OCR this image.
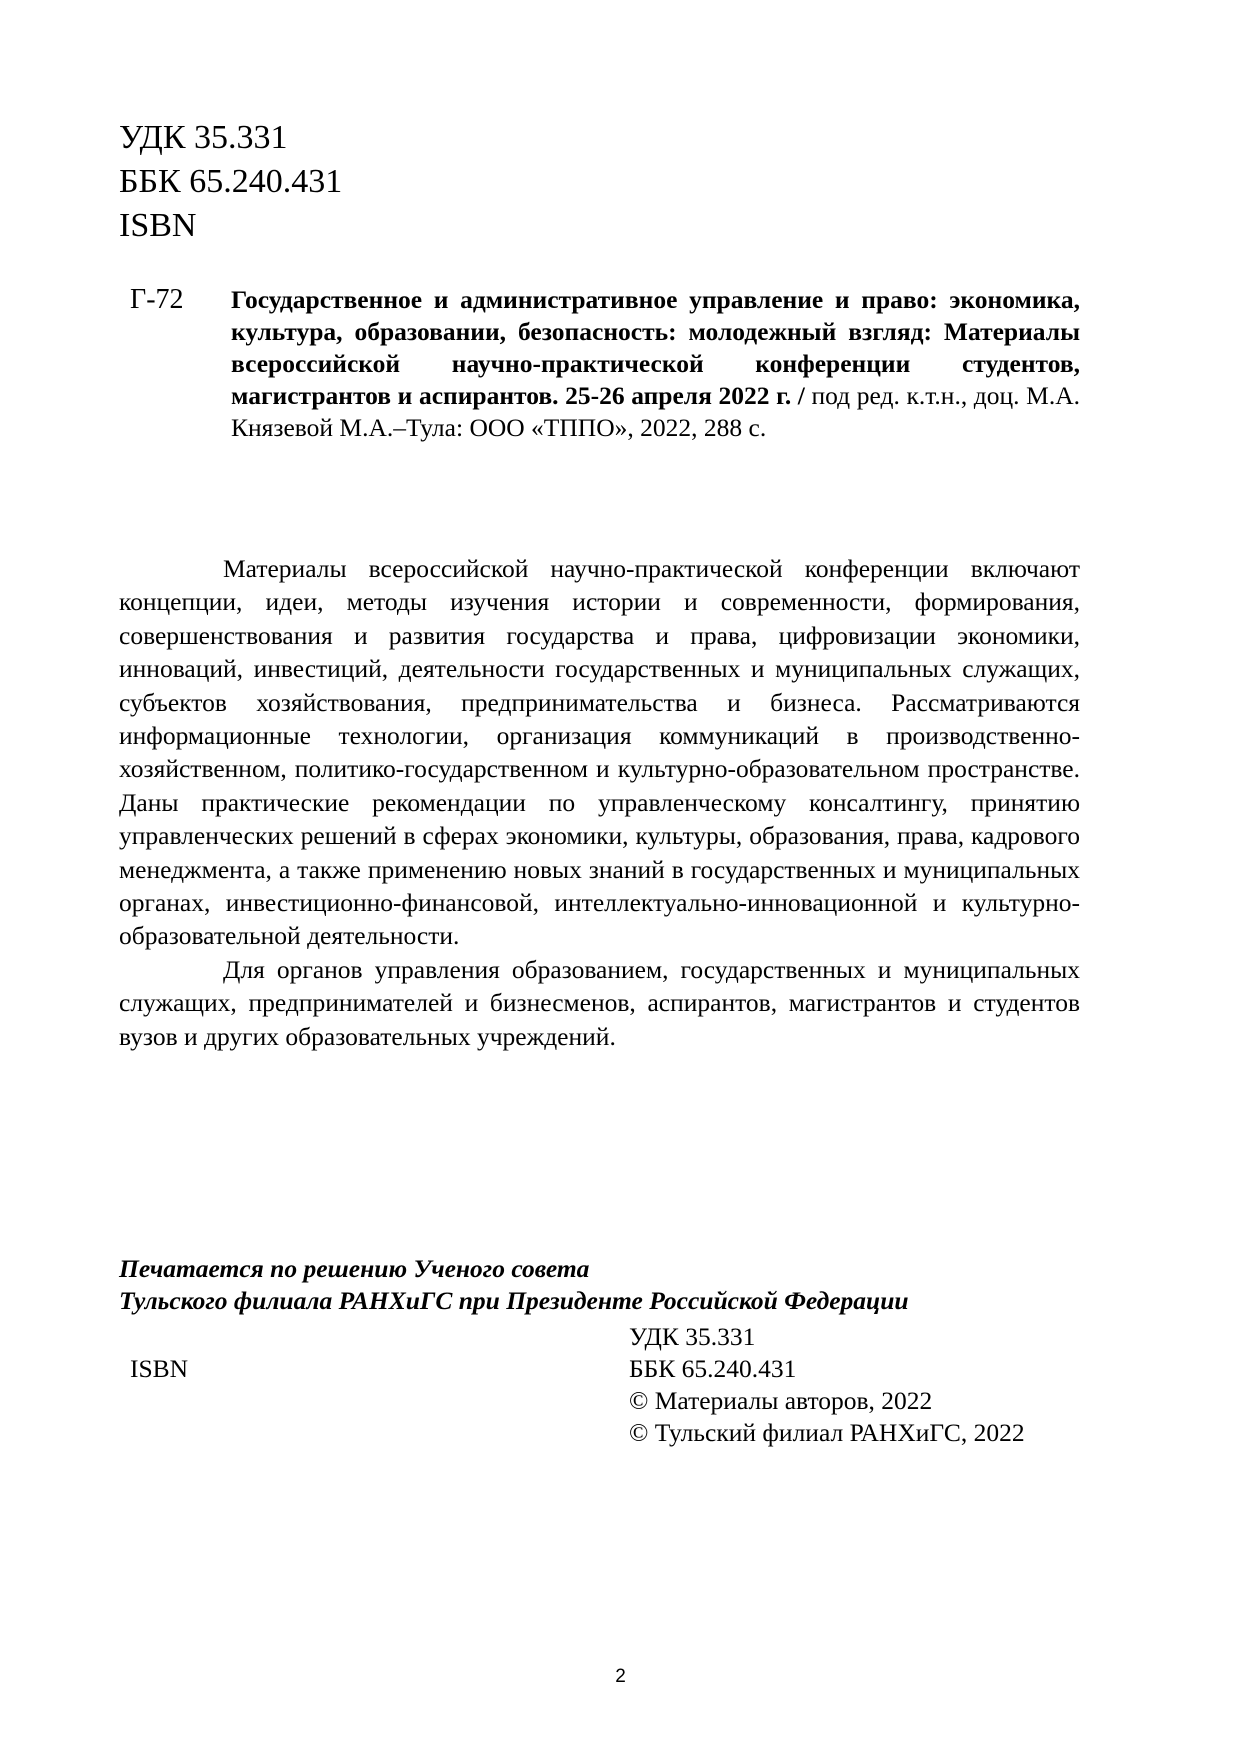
УДК 35.331
ББК 65.240.431
ISBN
Г-72 Государственное и административное управление и право: экономика, культура, образовании, безопасность: молодежный взгляд: Материалы всероссийской научно-практической конференции студентов, магистрантов и аспирантов. 25-26 апреля 2022 г. / под ред. к.т.н., доц. М.А. Князевой М.А.–Тула: ООО «ТППО», 2022, 288 с.

Материалы всероссийской научно-практической конференции включают концепции, идеи, методы изучения истории и современности, формирования, совершенствования и развития государства и права, цифровизации экономики, инноваций, инвестиций, деятельности государственных и муниципальных служащих, субъектов хозяйствования, предпринимательства и бизнеса. Рассматриваются информационные технологии, организация коммуникаций в производственно-хозяйственном, политико-государственном и культурно-образовательном пространстве. Даны практические рекомендации по управленческому консалтингу, принятию управленческих решений в сферах экономики, культуры, образования, права, кадрового менеджмента, а также применению новых знаний в государственных и муниципальных органах, инвестиционно-финансовой, интеллектуально-инновационной и культурно-образовательной деятельности.

Для органов управления образованием, государственных и муниципальных служащих, предпринимателей и бизнесменов, аспирантов, магистрантов и студентов вузов и других образовательных учреждений.

Печатается по решению Ученого совета
Тульского филиала РАНХиГС при Президенте Российской Федерации
ISBN
УДК 35.331
ББК 65.240.431
© Материалы авторов, 2022
© Тульский филиал РАНХиГС, 2022
2
